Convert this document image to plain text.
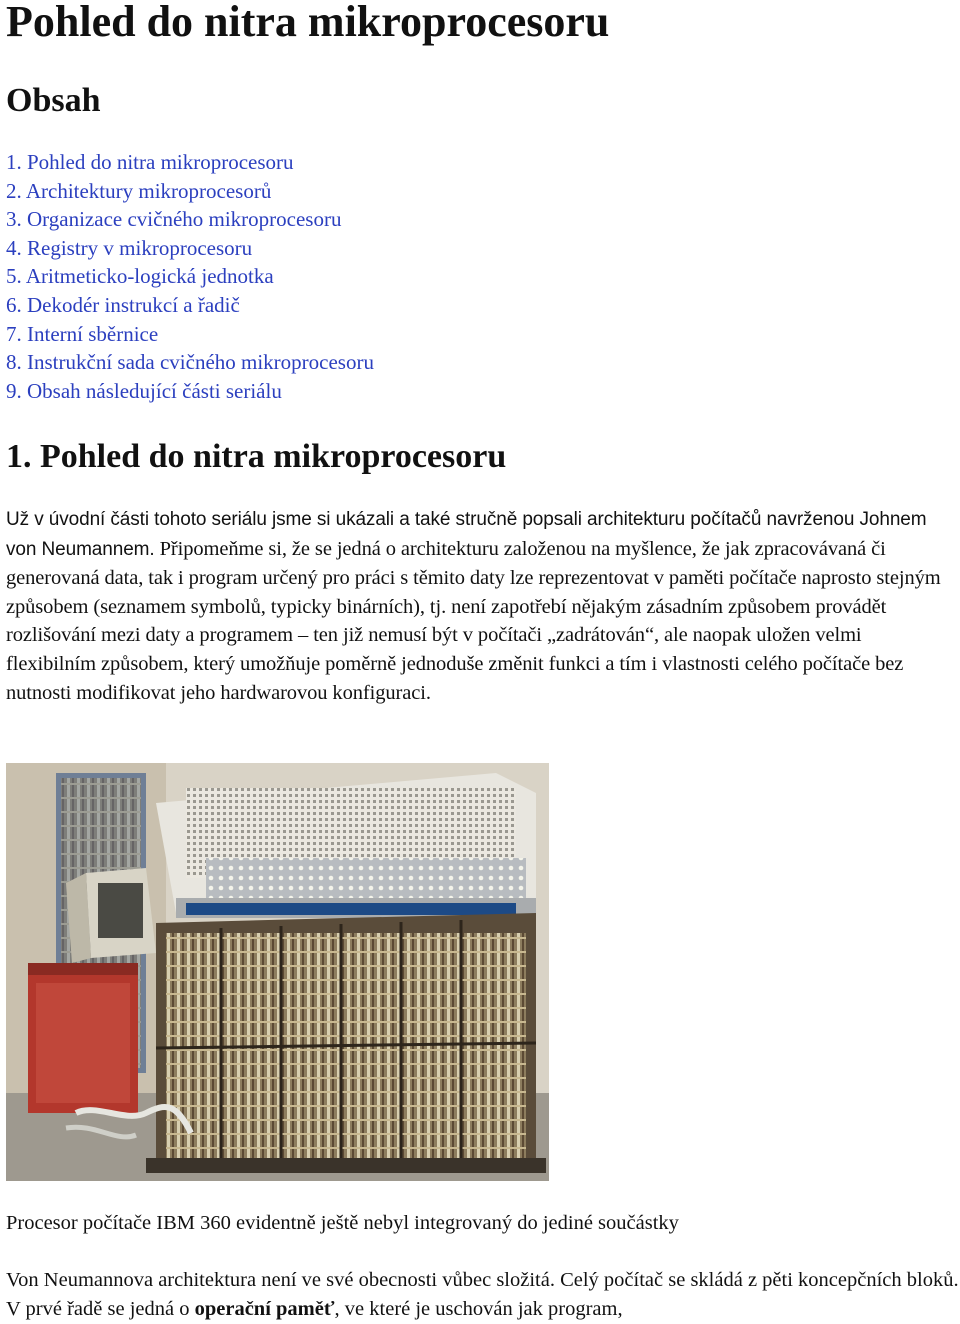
Pohled do nitra mikroprocesoru
Obsah
1. Pohled do nitra mikroprocesoru
2. Architektury mikroprocesorů
3. Organizace cvičného mikroprocesoru
4. Registry v mikroprocesoru
5. Aritmeticko-logická jednotka
6. Dekodér instrukcí a řadič
7. Interní sběrnice
8. Instrukční sada cvičného mikroprocesoru
9. Obsah následující části seriálu
1. Pohled do nitra mikroprocesoru

Už v úvodní části tohoto seriálu jsme si ukázali a také stručně popsali architekturu počítačů navrženou Johnem von Neumannem. Připomeňme si, že se jedná o architekturu založenou na myšlence, že jak zpracovávaná či generovaná data, tak i program určený pro práci s těmito daty lze reprezentovat v paměti počítače naprosto stejným způsobem (seznamem symbolů, typicky binárních), tj. není zapotřebí nějakým zásadním způsobem provádět rozlišování mezi daty a programem – ten již nemusí být v počítači „zadrátován“, ale naopak uložen velmi flexibilním způsobem, který umožňuje poměrně jednoduše změnit funkci a tím i vlastnosti celého počítače bez nutnosti modifikovat jeho hardwarovou konfiguraci.

Procesor počítače IBM 360 evidentně ještě nebyl integrovaný do jediné součástky

Von Neumannova architektura není ve své obecnosti vůbec složitá. Celý počítač se skládá z pěti koncepčních bloků. V prvé řadě se jedná o operační paměť, ve které je uschován jak program,
